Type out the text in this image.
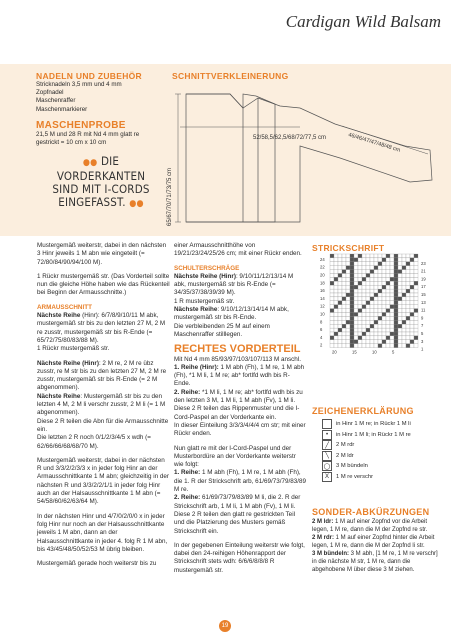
Cardigan Wild Balsam
NADELN UND ZUBEHÖR
Stricknadeln 3,5 mm und 4 mm
Zopfnadel
Maschenraffer
Maschenmarkierer
MASCHENPROBE
21,5 M und 28 R mit Nd 4 mm glatt re
gestrickt = 10 cm x 10 cm
●● DIE
VORDERKANTEN
SIND MIT I-CORDS
EINGEFASST. ●●
SCHNITTVERKLEINERUNG
65/67/70/71/73/75 cm
52/58,5/62,5/68/72/77,5 cm	46/46/47/47/48/48 cm

Mustergemäß weiterstr, dabei in den nächsten 3 Hinr jeweils 1 M abn wie eingeteilt (= 72/80/84/90/94/100 M).

1 Rückr mustergemäß str. (Das Vorderteil sollte nun die gleiche Höhe haben wie das Rückenteil bei Beginn der Armausschnitte.)

ARMAUSSCHNITT

Nächste Reihe (Hinr): 6/7/8/9/10/11 M abk, mustergemäß str bis zu den letzten 27 M, 2 M re zusstr, mustergemäß str bis R-Ende (= 65/72/75/80/83/88 M).
1 Rückr mustergemäß str.

Nächste Reihe (Hinr): 2 M re, 2 M re übz zusstr, re M str bis zu den letzten 27 M, 2 M re zusstr, mustergemäß str bis R-Ende (= 2 M abgenommen).
Nächste Reihe: Mustergemäß str bis zu den letzten 4 M, 2 M li verschr zusstr, 2 M li (= 1 M abgenommen).
Diese 2 R teilen die Abn für die Armausschnitte ein.
Die letzten 2 R noch 0/1/2/3/4/5 x wdh (= 62/66/66/68/68/70 M).

Mustergemäß weiterstr, dabei in der nächsten R und 3/3/2/2/3/3 x in jeder folg Hinr an der Armausschnittkante 1 M abn; gleichzeitig in der nächsten R und 3/3/2/2/1/1 in jeder folg Hinr auch an der Halsausschnittkante 1 M abn (= 54/58/60/62/63/64 M).

In der nächsten Hinr und 4/7/0/2/0/0 x in jeder folg Hinr nur noch an der Halsausschnittkante jeweils 1 M abn, dann an der Halsausschnittkante in jeder 4. folg R 1 M abn, bis 43/45/48/50/52/53 M übrig bleiben.

Mustergemäß gerade hoch weiterstr bis zu

einer Armausschnitthöhe von 19/21/23/24/25/26 cm; mit einer Rückr enden.

SCHULTERSCHRÄGE

Nächste Reihe (Hinr): 9/10/11/12/13/14 M abk, mustergemäß str bis R-Ende (= 34/35/37/38/39/39 M).
1 R mustergemäß str.
Nächste Reihe: 9/10/12/13/14/14 M abk, mustergemäß str bis R-Ende.
Die verbleibenden 25 M auf einem Maschenraffer stilllegen.

RECHTES VORDERTEIL

Mit Nd 4 mm 85/93/97/103/107/113 M anschl.
1. Reihe (Hinr): 1 M abh (Fh), 1 M re, 1 M abh (Fh), *1 M li, 1 M re; ab* fortlfd wdh bis R-Ende.
2. Reihe: *1 M li, 1 M re; ab* fortlfd wdh bis zu den letzten 3 M, 1 M li, 1 M abh (Fv), 1 M li. Diese 2 R teilen das Rippenmuster und die I-Cord-Paspel an der Vorderkante ein.
In dieser Einteilung 3/3/3/4/4/4 cm str; mit einer Rückr enden.

Nun glatt re mit der I-Cord-Paspel und der Musterbordüre an der Vorderkante weiterstr wie folgt:
1. Reihe: 1 M abh (Fh), 1 M re, 1 M abh (Fh), die 1. R der Strickschrift arb, 61/69/73/79/83/89 M re.
2. Reihe: 61/69/73/79/83/89 M li, die 2. R der Strickschrift arb, 1 M li, 1 M abh (Fv), 1 M li. Diese 2 R teilen den glatt re gestrickten Teil und die Platzierung des Musters gemäß Strickschrift ein.

In der gegebenen Einteilung weiterstr wie folgt, dabei den 24-reihigen Höhenrapport der Strickschrift stets wdh: 6/6/6/8/8/8 R mustergemäß str.

STRICKSCHRIFT
24
22
20
18
16
14
12
10
8
6
4
2
23
21
19
17
15
13
11
9
7
5
3
1
20	15	10	5
ZEICHENERKLÄRUNG
in Hinr 1 M re; in Rückr 1 M li
•	in Hinr 1 M li; in Rückr 1 M re
╱	2 M rdr
╲	2 M ldr
◯ 3 M bündeln
X	1 M re verschr
SONDER-ABKÜRZUNGEN
2 M ldr: 1 M auf einer Zopfnd vor die Arbeit legen, 1 M re, dann die M der Zopfnd re str.
2 M rdr: 1 M auf einer Zopfnd hinter die Arbeit legen, 1 M re, dann die M der Zopfnd li str.
3 M bündeln: 3 M abh, [1 M re, 1 M re verschr] in die nächste M str, 1 M re, dann die abgehobene M über diese 3 M ziehen.
19
